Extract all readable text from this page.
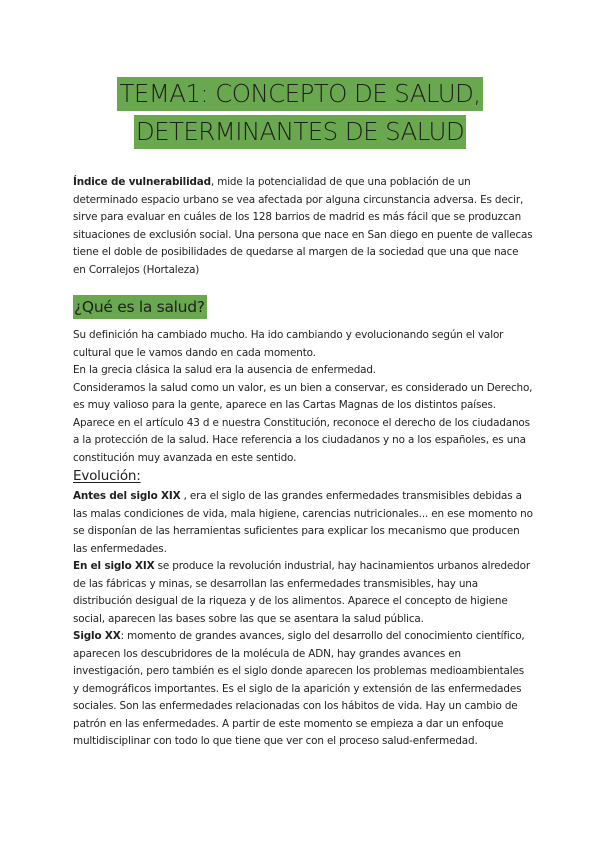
TEMA1: CONCEPTO DE SALUD,
DETERMINANTES DE SALUD

Índice de vulnerabilidad, mide la potencialidad de que una población de un determinado espacio urbano se vea afectada por alguna circunstancia adversa. Es decir, sirve para evaluar en cuáles de los 128 barrios de madrid es más fácil que se produzcan situaciones de exclusión social. Una persona que nace en San diego en puente de vallecas tiene el doble de posibilidades de quedarse al margen de la sociedad que una que nace en Corralejos (Hortaleza)

¿Qué es la salud?

Su definición ha cambiado mucho. Ha ido cambiando y evolucionando según el valor cultural que le vamos dando en cada momento.

En la grecia clásica la salud era la ausencia de enfermedad.

Consideramos la salud como un valor, es un bien a conservar, es considerado un Derecho, es muy valioso para la gente, aparece en las Cartas Magnas de los distintos países.

Aparece en el artículo 43 d e nuestra Constitución, reconoce el derecho de los ciudadanos a la protección de la salud. Hace referencia a los ciudadanos y no a los españoles, es una constitución muy avanzada en este sentido.

Evolución:

Antes del siglo XIX , era el siglo de las grandes enfermedades transmisibles debidas a las malas condiciones de vida, mala higiene, carencias nutricionales... en ese momento no se disponían de las herramientas suficientes para explicar los mecanismo que producen las enfermedades.

En el siglo XIX se produce la revolución industrial, hay hacinamientos urbanos alrededor de las fábricas y minas, se desarrollan las enfermedades transmisibles, hay una distribución desigual de la riqueza y de los alimentos. Aparece el concepto de higiene social, aparecen las bases sobre las que se asentara la salud pública.

Siglo XX: momento de grandes avances, siglo del desarrollo del conocimiento científico, aparecen los descubridores de la molécula de ADN, hay grandes avances en investigación, pero también es el siglo donde aparecen los problemas medioambientales y demográficos importantes. Es el siglo de la aparición y extensión de las enfermedades sociales. Son las enfermedades relacionadas con los hábitos de vida. Hay un cambio de patrón en las enfermedades. A partir de este momento se empieza a dar un enfoque multidisciplinar con todo lo que tiene que ver con el proceso salud-enfermedad.
